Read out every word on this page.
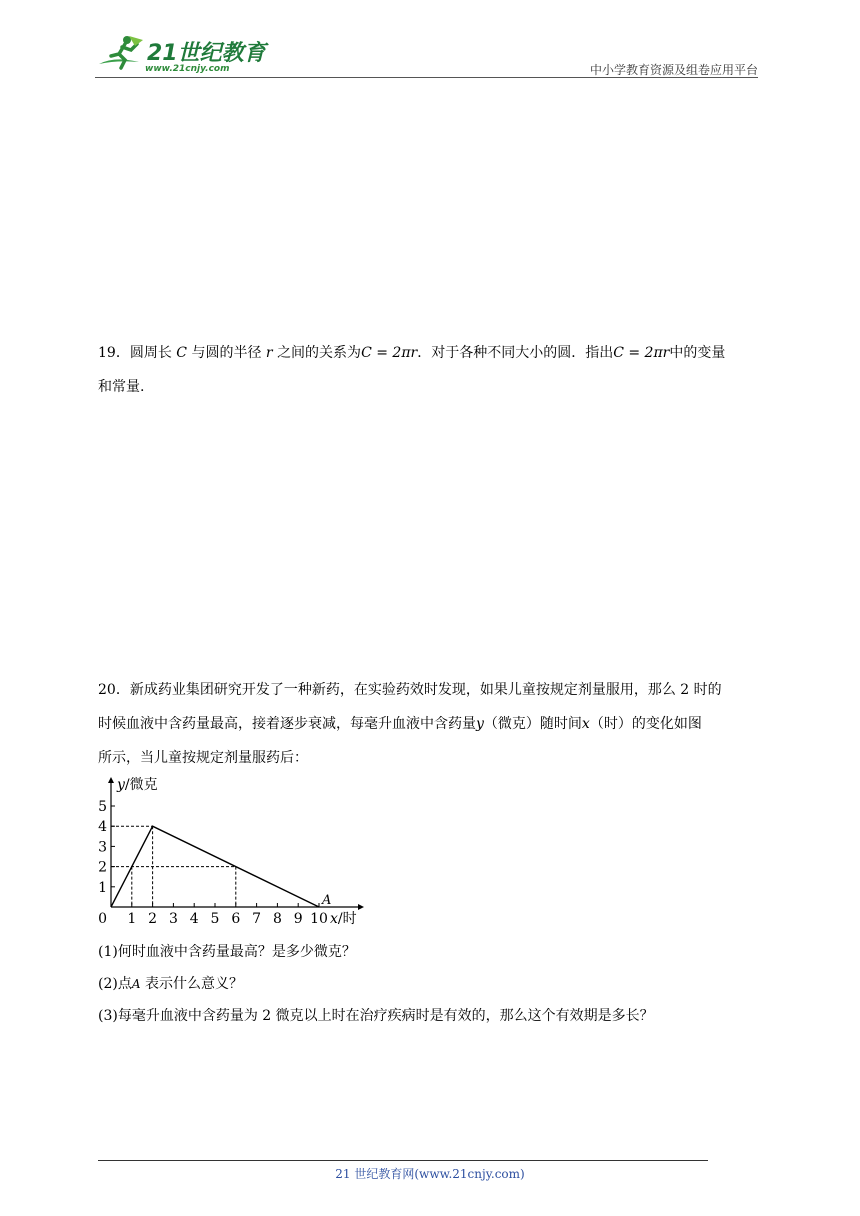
21世纪教育
www.21cnjy.com	中小学教育资源及组卷应用平台

19．圆周长 C 与圆的半径 r 之间的关系为C = 2πr．对于各种不同大小的圆．指出C = 2πr中的变量

和常量.

20．新成药业集团研究开发了一种新药，在实验药效时发现，如果儿童按规定剂量服用，那么 2 时的

时候血液中含药量最高，接着逐步衰减，每毫升血液中含药量y（微克）随时间x（时）的变化如图

所示，当儿童按规定剂量服药后：

1 2 3 4 5 6 7 8 9 10
1
2
3
4
5
0
y/微克
x/时
A
(1)何时血液中含药量最高？是多少微克？
(2)点A 表示什么意义？
(3)每毫升血液中含药量为 2 微克以上时在治疗疾病时是有效的，那么这个有效期是多长？
21 世纪教育网(www.21cnjy.com)
